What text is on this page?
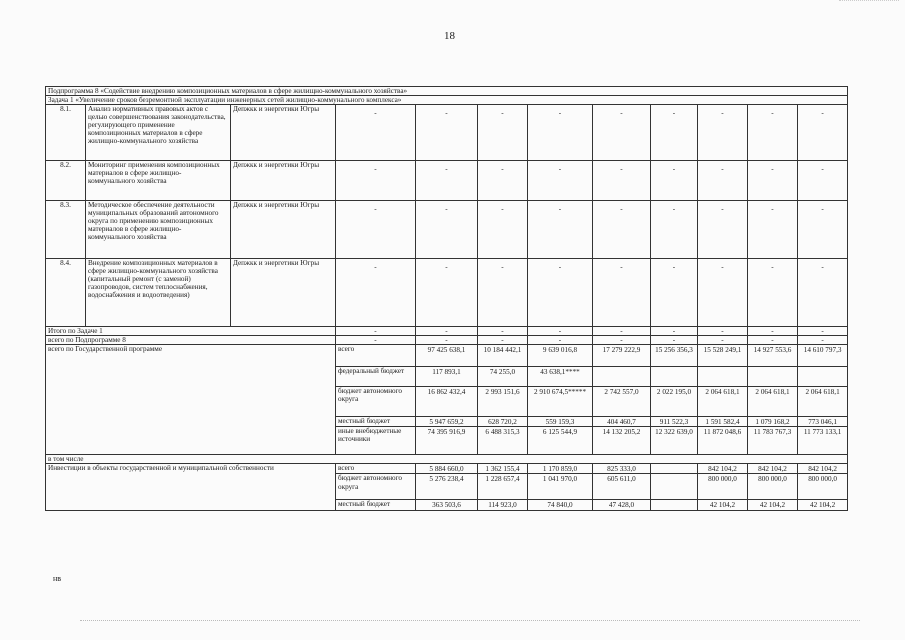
18
Подпрограмма 8 «Содействие внедрению композиционных материалов в сфере жилищно-коммунального хозяйства»											
Задача 1 «Увеличение сроков безремонтной эксплуатации инженерных сетей жилищно-коммунального комплекса»											
8.1.	Анализ нормативных правовых актов с целью совершенствования законодательства, регулирующего применение композиционных материалов в сфере жилищно-коммунального хозяйства	Депжкк и энергетики Югры	-	-	-	-	-	-	-	-	-
8.2.	Мониторинг применения композиционных материалов в сфере жилищно-коммунального хозяйства	Депжкк и энергетики Югры	-	-	-	-	-	-	-	-	-
8.3.	Методическое обеспечение деятельности муниципальных образований автономного округа по применению композиционных материалов в сфере жилищно-коммунального хозяйства	Депжкк и энергетики Югры	-	-	-	-	-	-	-	-	-
8.4.	Внедрение композиционных материалов в сфере жилищно-коммунального хозяйства (капитальный ремонт (с заменой) газопроводов, систем теплоснабжения, водоснабжения и водоотведения)	Депжкк и энергетики Югры	-	-	-	-	-	-	-	-	-
Итого по Задаче 1			-	-	-	-	-	-	-	-	-
всего по Подпрограмме 8			-	-	-	-	-	-	-	-	-
всего по Государственной программе			всего	97 425 638,1	10 184 442,1	9 639 016,8	17 279 222,9	15 256 356,3	15 528 249,1	14 927 553,6	14 610 797,3
			федеральный бюджет	117 893,1	74 255,0	43 638,1****					
			бюджет автономного округа	16 862 432,4	2 993 151,6	2 910 674,5*****	2 742 557,0	2 022 195,0	2 064 618,1	2 064 618,1	2 064 618,1
			местный бюджет	5 947 659,2	628 720,2	559 159,3	404 460,7	911 522,3	1 591 582,4	1 079 168,2	773 046,1
			иные внебюджетные источники	74 395 916,9	6 488 315,3	6 125 544,9	14 132 205,2	12 322 639,0	11 872 048,6	11 783 767,3	11 773 133,1
в том числе											
Инвестиции в объекты государственной и муниципальной собственности			всего	5 884 660,0	1 362 155,4	1 170 859,0	825 333,0		842 104,2	842 104,2	842 104,2
			бюджет автономного округа	5 276 238,4	1 228 657,4	1 041 970,0	605 611,0		800 000,0	800 000,0	800 000,0
			местный бюджет	363 503,6	114 923,0	74 840,0	47 428,0		42 104,2	42 104,2	42 104,2
нв
